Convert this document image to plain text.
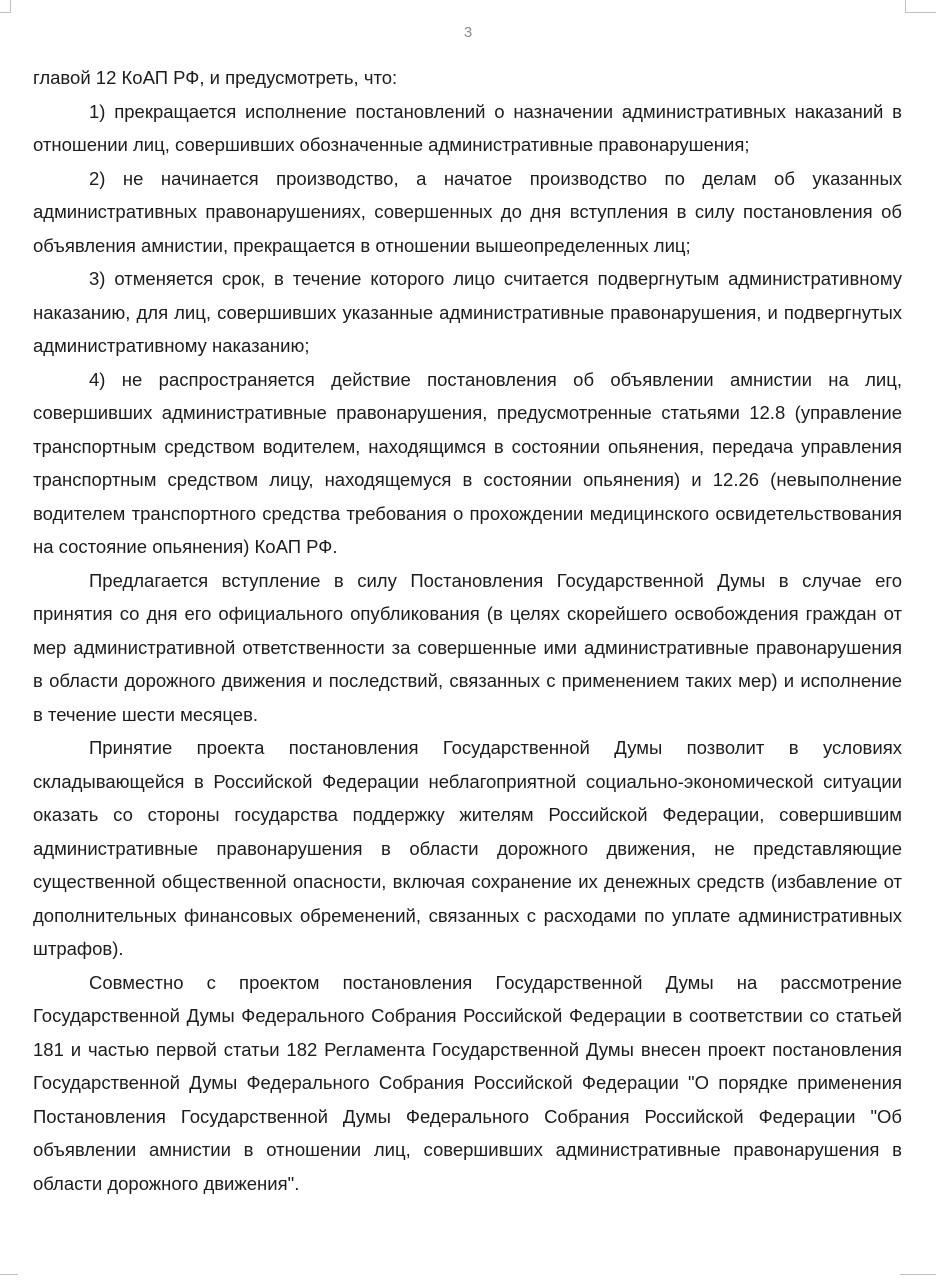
3

главой 12 КоАП РФ, и предусмотреть, что:

1) прекращается исполнение постановлений о назначении административных наказаний в отношении лиц, совершивших обозначенные административные правонарушения;

2) не начинается производство, а начатое производство по делам об указанных административных правонарушениях, совершенных до дня вступления в силу постановления об объявления амнистии, прекращается в отношении вышеопределенных лиц;

3) отменяется срок, в течение которого лицо считается подвергнутым административному наказанию, для лиц, совершивших указанные административные правонарушения, и подвергнутых административному наказанию;

4) не распространяется действие постановления об объявлении амнистии на лиц, совершивших административные правонарушения, предусмотренные статьями 12.8 (управление транспортным средством водителем, находящимся в состоянии опьянения, передача управления транспортным средством лицу, находящемуся в состоянии опьянения) и 12.26 (невыполнение водителем транспортного средства требования о прохождении медицинского освидетельствования на состояние опьянения) КоАП РФ.

Предлагается вступление в силу Постановления Государственной Думы в случае его принятия со дня его официального опубликования (в целях скорейшего освобождения граждан от мер административной ответственности за совершенные ими административные правонарушения в области дорожного движения и последствий, связанных с применением таких мер) и исполнение в течение шести месяцев.

Принятие проекта постановления Государственной Думы позволит в условиях складывающейся в Российской Федерации неблагоприятной социально-экономической ситуации оказать со стороны государства поддержку жителям Российской Федерации, совершившим административные правонарушения в области дорожного движения, не представляющие существенной общественной опасности, включая сохранение их денежных средств (избавление от дополнительных финансовых обременений, связанных с расходами по уплате административных штрафов).

Совместно с проектом постановления Государственной Думы на рассмотрение Государственной Думы Федерального Собрания Российской Федерации в соответствии со статьей 181 и частью первой статьи 182 Регламента Государственной Думы внесен проект постановления Государственной Думы Федерального Собрания Российской Федерации "О порядке применения Постановления Государственной Думы Федерального Собрания Российской Федерации "Об объявлении амнистии в отношении лиц, совершивших административные правонарушения в области дорожного движения".
